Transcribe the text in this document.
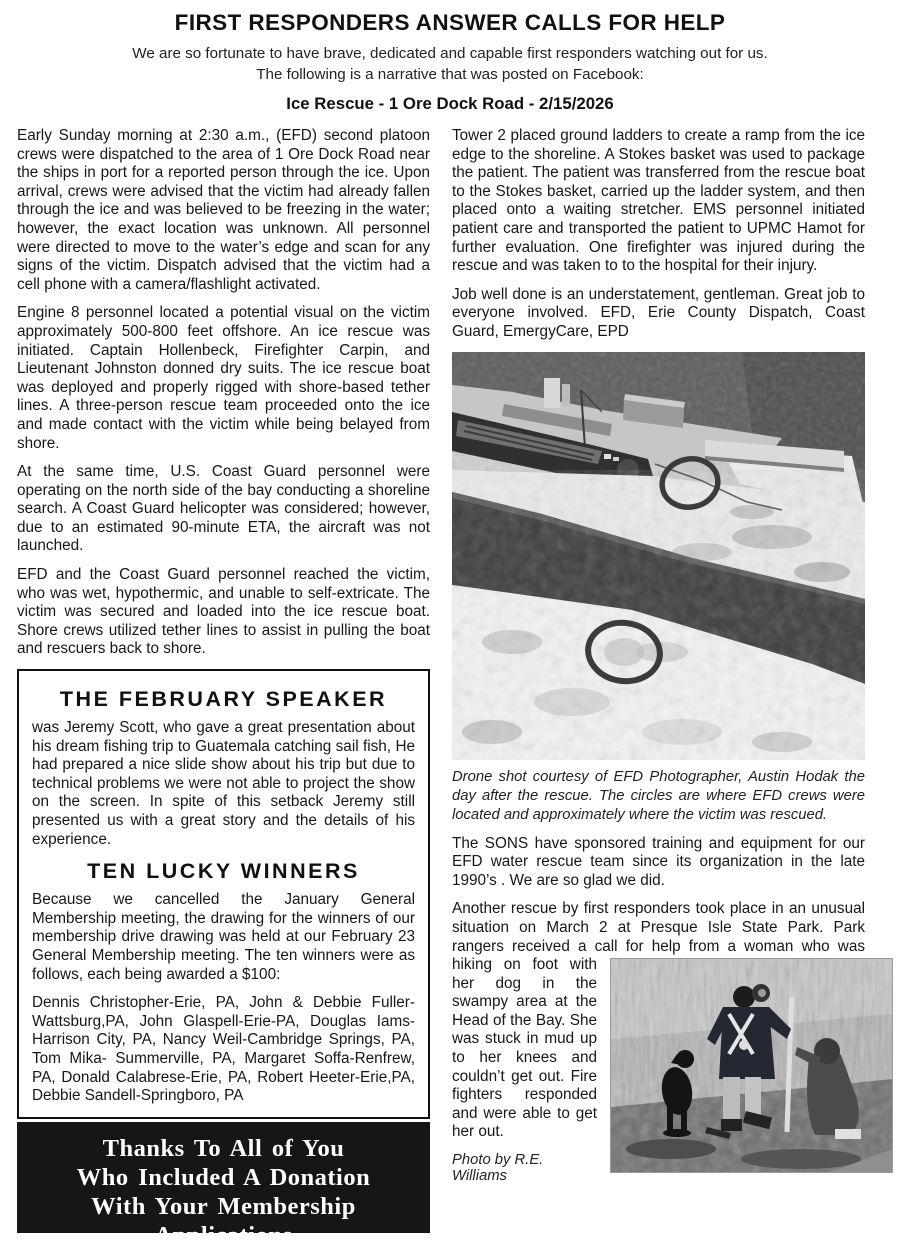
FIRST RESPONDERS ANSWER CALLS FOR HELP
We are so fortunate to have brave, dedicated and capable first responders watching out for us.
The following is a narrative that was posted on Facebook:
Ice Rescue - 1 Ore Dock Road - 2/15/2026

Early Sunday morning at 2:30 a.m., (EFD) second platoon crews were dispatched to the area of 1 Ore Dock Road near the ships in port for a reported person through the ice. Upon arrival, crews were advised that the victim had already fallen through the ice and was believed to be freezing in the water; however, the exact location was unknown. All personnel were directed to move to the water’s edge and scan for any signs of the victim. Dispatch advised that the victim had a cell phone with a camera/flashlight activated.

Engine 8 personnel located a potential visual on the victim approximately 500-800 feet offshore. An ice rescue was initiated. Captain Hollenbeck, Firefighter Carpin, and Lieutenant Johnston donned dry suits. The ice rescue boat was deployed and properly rigged with shore-based tether lines. A three-person rescue team proceeded onto the ice and made contact with the victim while being belayed from shore.

At the same time, U.S. Coast Guard personnel were operating on the north side of the bay conducting a shoreline search. A Coast Guard helicopter was considered; however, due to an estimated 90-minute ETA, the aircraft was not launched.

EFD and the Coast Guard personnel reached the victim, who was wet, hypothermic, and unable to self-extricate. The victim was secured and loaded into the ice rescue boat. Shore crews utilized tether lines to assist in pulling the boat and rescuers back to shore.

THE FEBRUARY SPEAKER

was Jeremy Scott, who gave a great presentation about his dream fishing trip to Guatemala catching sail fish, He had prepared a nice slide show about his trip but due to technical problems we were not able to project the show on the screen. In spite of this setback Jeremy still presented us with a great story and the details of his experience.

TEN LUCKY WINNERS

Because we cancelled the January General Membership meeting, the drawing for the winners of our membership drive drawing was held at our February 23 General Membership meeting. The ten winners were as follows, each being awarded a $100:

Dennis Christopher-Erie, PA, John & Debbie Fuller-Wattsburg,PA, John Glaspell-Erie-PA, Douglas Iams-Harrison City, PA, Nancy Weil-Cambridge Springs, PA, Tom Mika- Summerville, PA, Margaret Soffa-Renfrew, PA, Donald Calabrese-Erie, PA, Robert Heeter-Erie,PA, Debbie Sandell-Springboro, PA

Thanks To All of You
Who Included A Donation
With Your Membership
Applications

Tower 2 placed ground ladders to create a ramp from the ice edge to the shoreline. A Stokes basket was used to package the patient. The patient was transferred from the rescue boat to the Stokes basket, carried up the ladder system, and then placed onto a waiting stretcher. EMS personnel initiated patient care and transported the patient to UPMC Hamot for further evaluation. One firefighter was injured during the rescue and was taken to to the hospital for their injury.

Job well done is an understatement, gentleman. Great job to everyone involved. EFD, Erie County Dispatch, Coast Guard, EmergyCare, EPD

Drone shot courtesy of EFD Photographer, Austin Hodak the day after the rescue. The circles are where EFD crews were located and approximately where the victim was rescued.

The SONS have sponsored training and equipment for our EFD water rescue team since its organization in the late 1990’s . We are so glad we did.

Another rescue by first responders took place in an unusual situation on March 2 at Presque Isle State Park. Park rangers received a call for help from a woman who was hiking on foot with her dog in the swampy area at the Head of the Bay. She was stuck in mud up to her knees and couldn’t get out. Fire fighters responded and were able to get her out.

Photo by R.E. Williams
